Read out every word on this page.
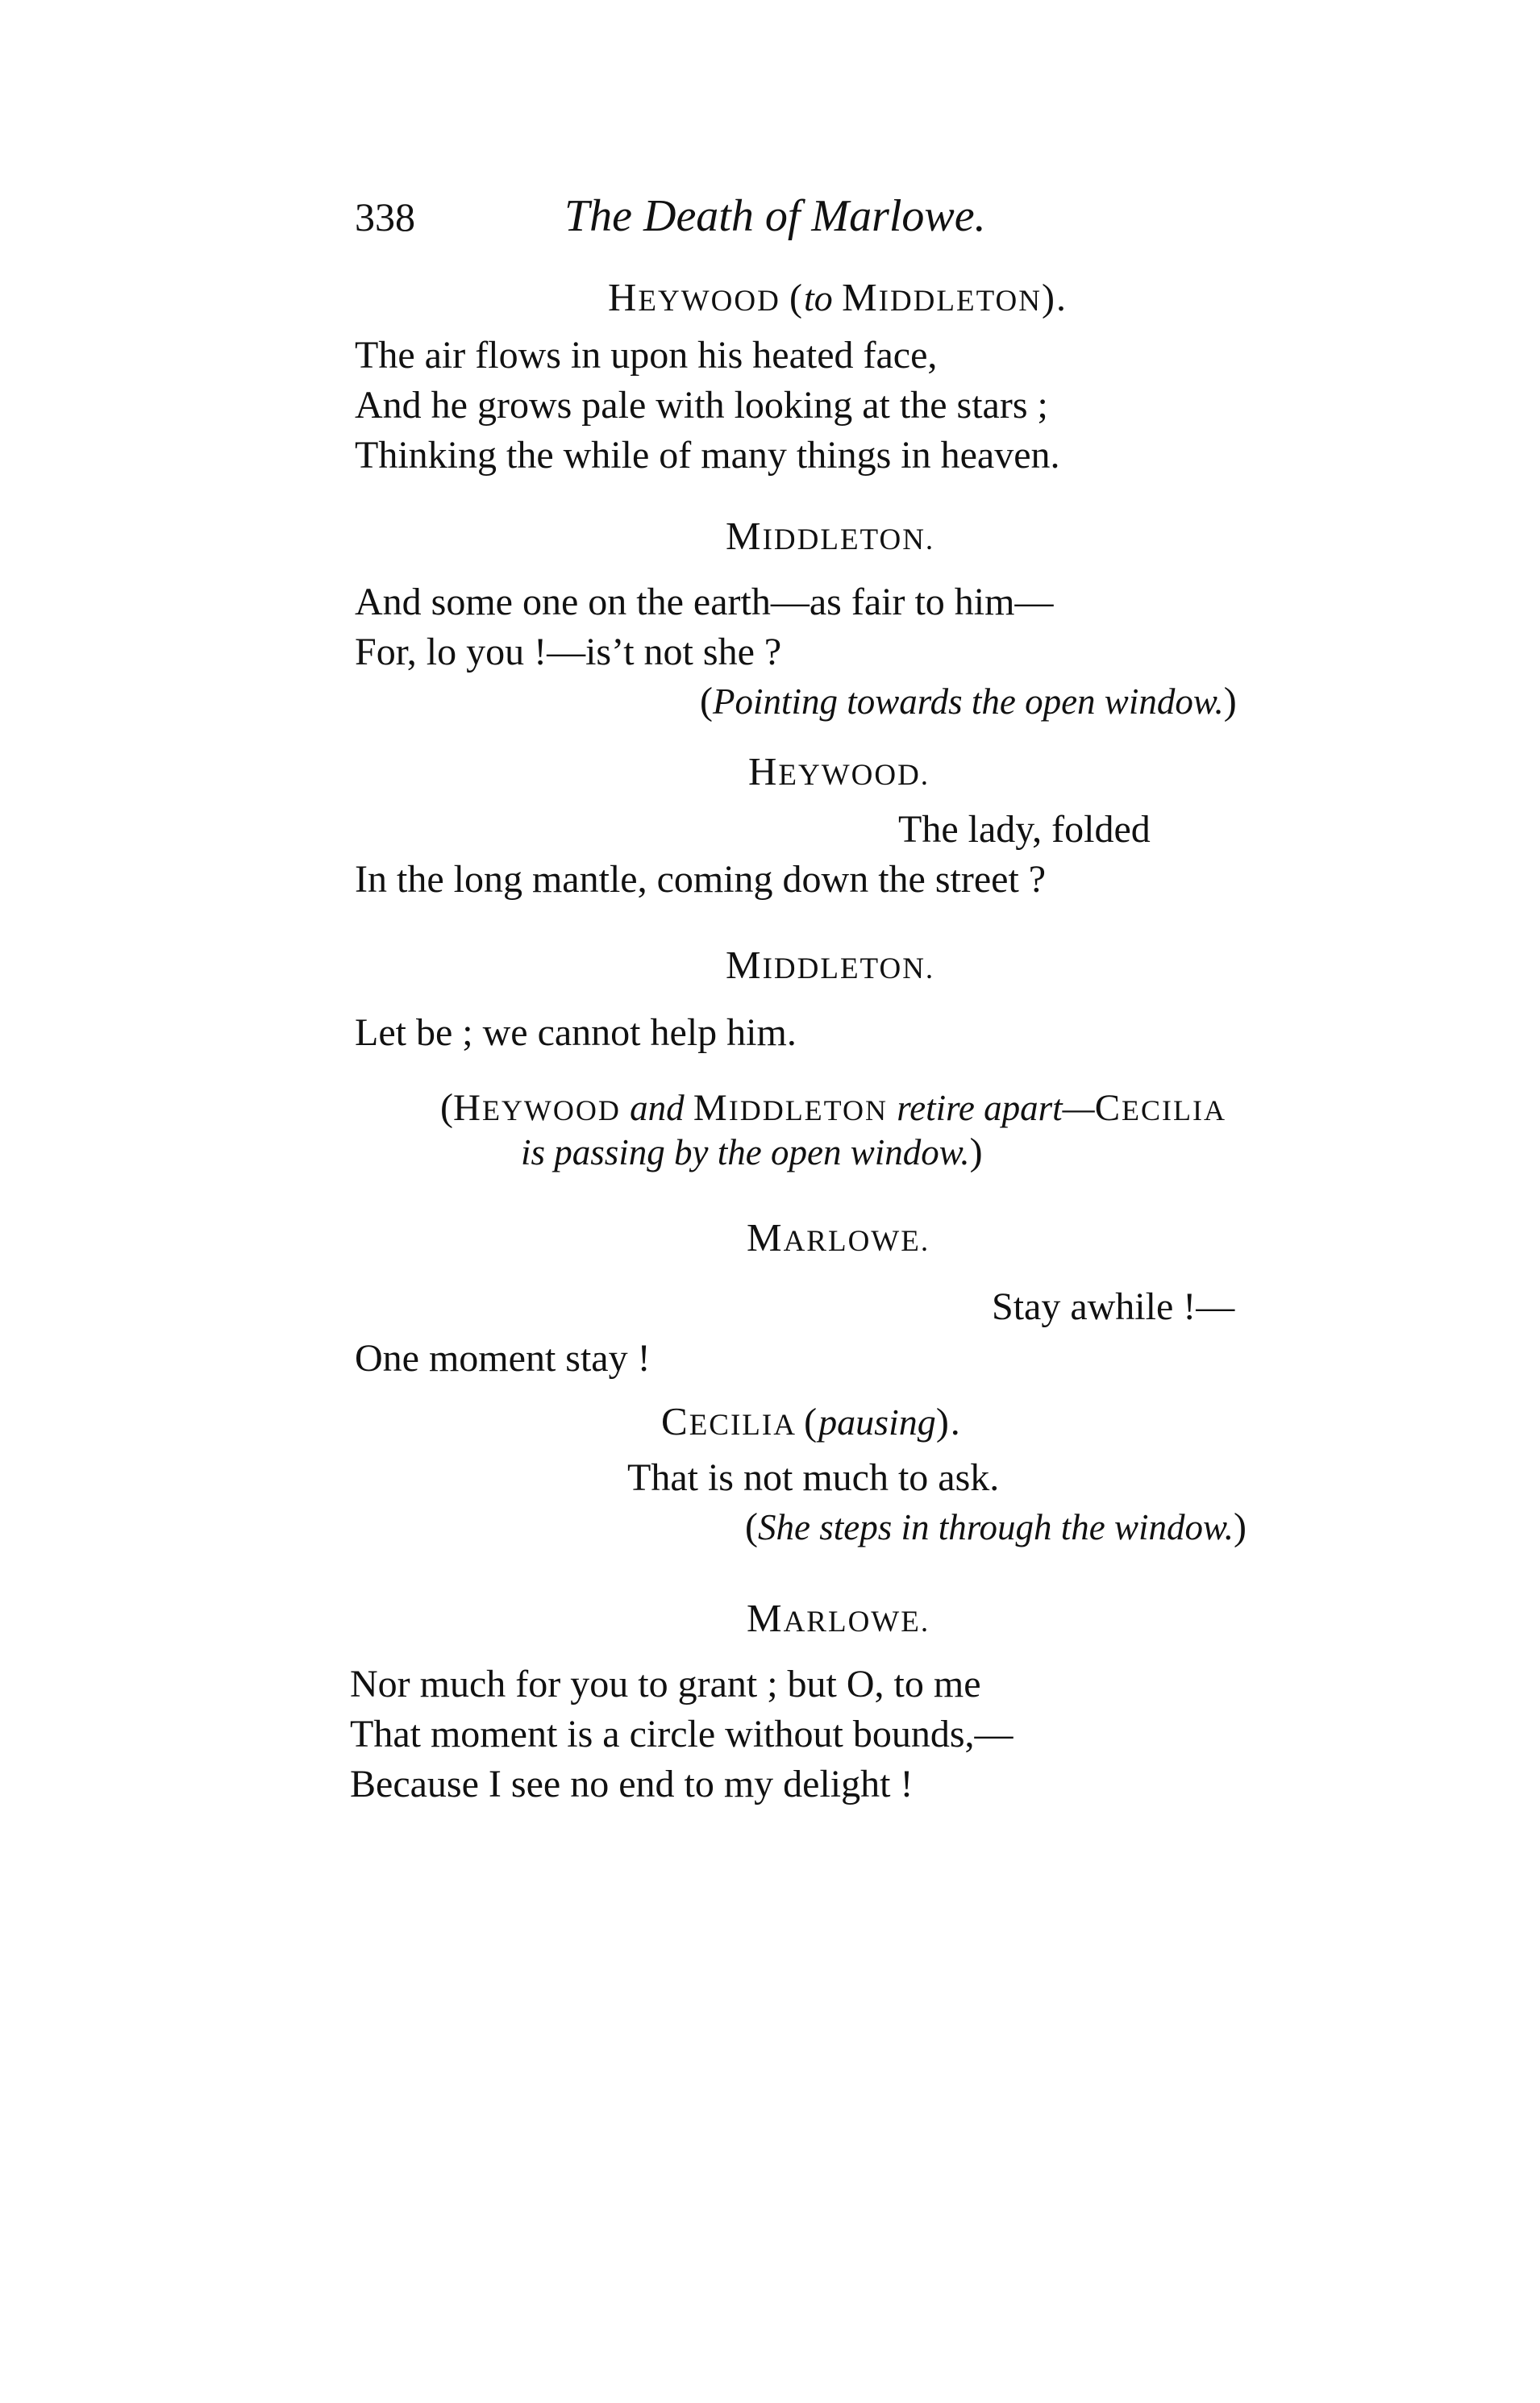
338	The Death of Marlowe.
HEYWOOD (to MIDDLETON).
The air flows in upon his heated face,
And he grows pale with looking at the stars ;
Thinking the while of many things in heaven.
MIDDLETON.
And some one on the earth—as fair to him—
For, lo you !—is’t not she ?
(Pointing towards the open window.)
HEYWOOD.
The lady, folded
In the long mantle, coming down the street ?
MIDDLETON.
Let be ; we cannot help him.
(HEYWOOD and MIDDLETON retire apart—CECILIA
is passing by the open window.)
MARLOWE.
Stay awhile !—
One moment stay !
CECILIA (pausing).
That is not much to ask.
(She steps in through the window.)
MARLOWE.
Nor much for you to grant ; but O, to me
That moment is a circle without bounds,—
Because I see no end to my delight !
